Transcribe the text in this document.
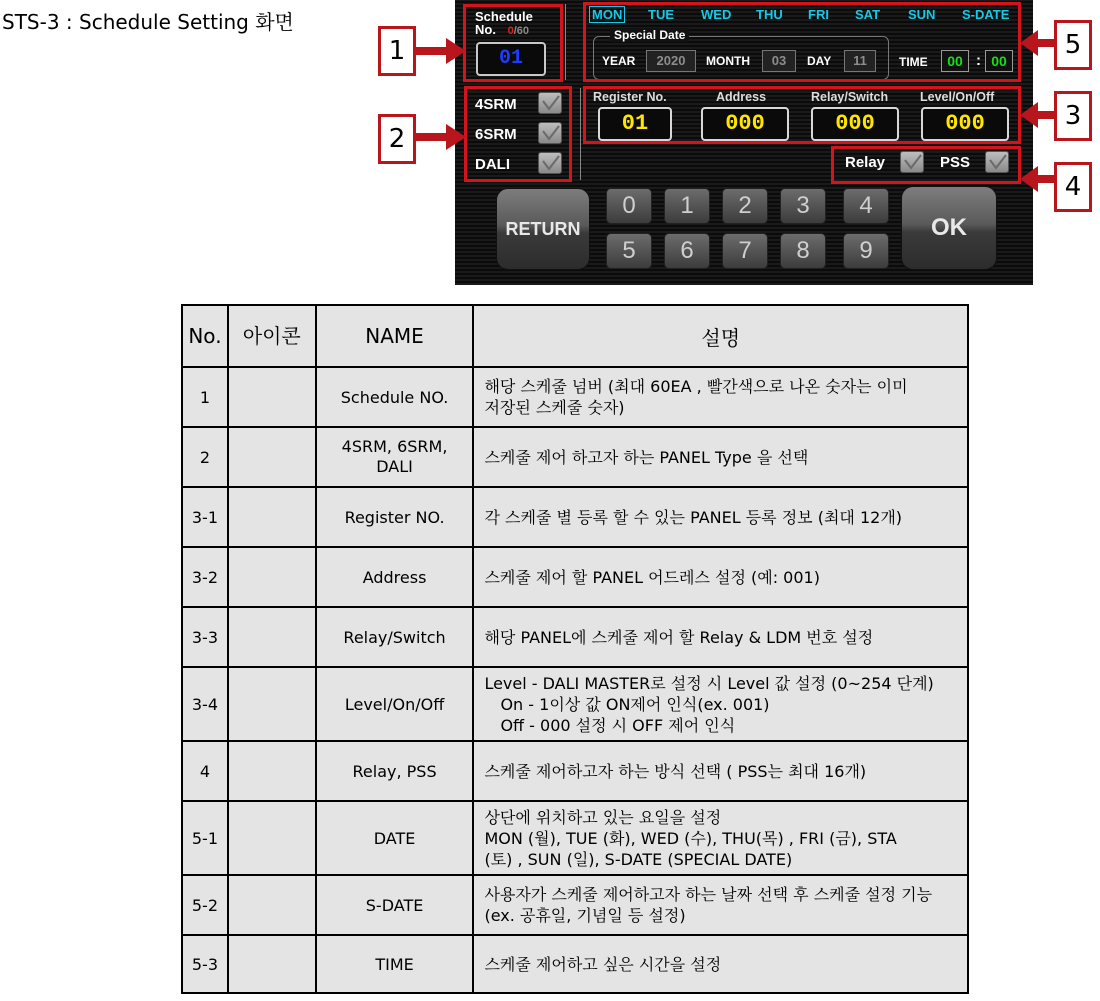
STS-3 : Schedule Setting 화면	Schedule
No. 0/60
01
4SRM
6SRM
DALI
MON TUE WED THU FRI SAT SUN S-DATE
Special Date
YEAR	2020	MONTH	03	DAY	11	TIME	00 : 00
Register No.	Address	Relay/Switch	Level/On/Off
01	000	000	000
Relay	PSS
RETURN
0	1	2	3	4
5	6	7	8	9
OK
1
2
3
4
5
No.	아이콘	NAME	설명
1		Schedule NO.	해당 스케줄 넘버 (최대 60EA , 빨간색으로 나온 숫자는 이미
저장된 스케줄 숫자)

2		4SRM, 6SRM, DALI	스케줄 제어 하고자 하는 PANEL Type 을 선택

3-1		Register NO.	각 스케줄 별 등록 할 수 있는 PANEL 등록 정보 (최대 12개)

3-2		Address	스케줄 제어 할 PANEL 어드레스 설정 (예: 001)

3-3		Relay/Switch	해당 PANEL에 스케줄 제어 할 Relay & LDM 번호 설정

3-4		Level/On/Off	Level - DALI MASTER로 설정 시 Level 값 설정 (0~254 단계)
On - 1이상 값 ON제어 인식(ex. 001)
Off - 000 설정 시 OFF 제어 인식

4		Relay, PSS	스케줄 제어하고자 하는 방식 선택 ( PSS는 최대 16개)

5-1		DATE	상단에 위치하고 있는 요일을 설정
MON (월), TUE (화), WED (수), THU(목) , FRI (금), STA
(토) , SUN (일), S-DATE (SPECIAL DATE)

5-2		S-DATE	사용자가 스케줄 제어하고자 하는 날짜 선택 후 스케줄 설정 기능
(ex. 공휴일, 기념일 등 설정)

5-3		TIME	스케줄 제어하고 싶은 시간을 설정
